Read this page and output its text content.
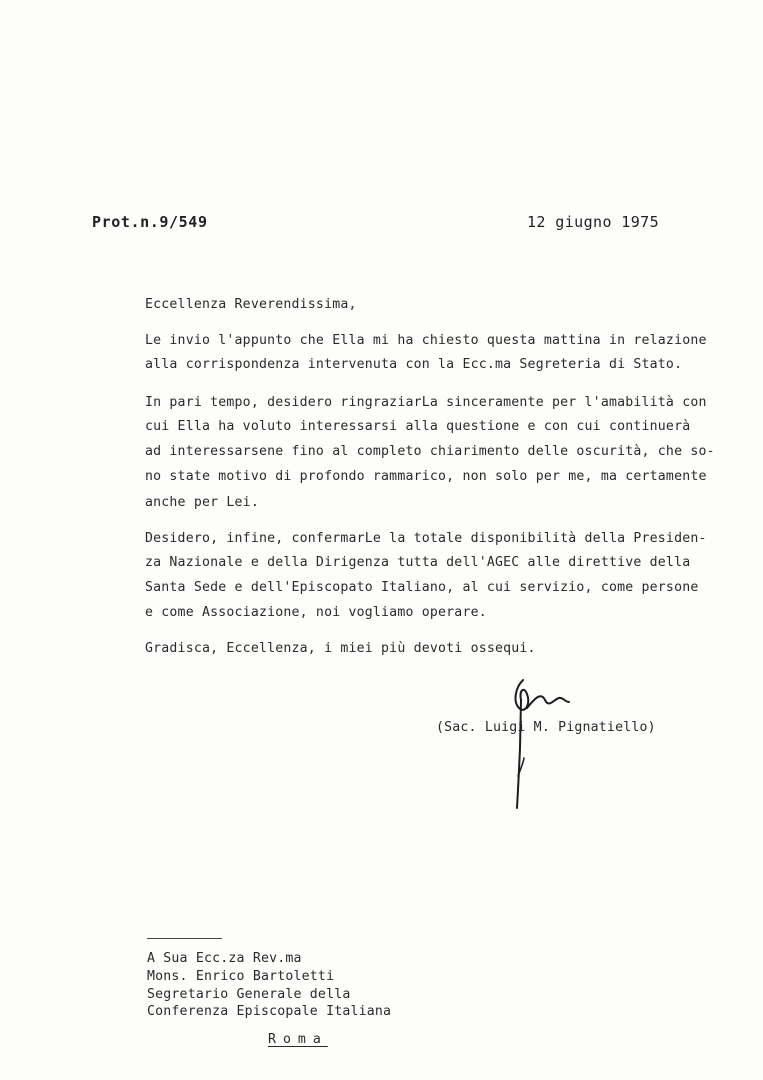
Prot.n.9/549	12 giugno 1975
Eccellenza Reverendissima,
Le invio l'appunto che Ella mi ha chiesto questa mattina in relazione
alla corrispondenza intervenuta con la Ecc.ma Segreteria di Stato.
In pari tempo, desidero ringraziarLa sinceramente per l'amabilità con
cui Ella ha voluto interessarsi alla questione e con cui continuerà
ad interessarsene fino al completo chiarimento delle oscurità, che so-
no state motivo di profondo rammarico, non solo per me, ma certamente
anche per Lei.
Desidero, infine, confermarLe la totale disponibilità della Presiden-
za Nazionale e della Dirigenza tutta dell'AGEC alle direttive della
Santa Sede e dell'Episcopato Italiano, al cui servizio, come persone
e come Associazione, noi vogliamo operare.
Gradisca, Eccellenza, i miei più devoti ossequi.
(Sac. Luigi M. Pignatiello)
A Sua Ecc.za Rev.ma
Mons. Enrico Bartoletti
Segretario Generale della
Conferenza Episcopale Italiana
Roma
